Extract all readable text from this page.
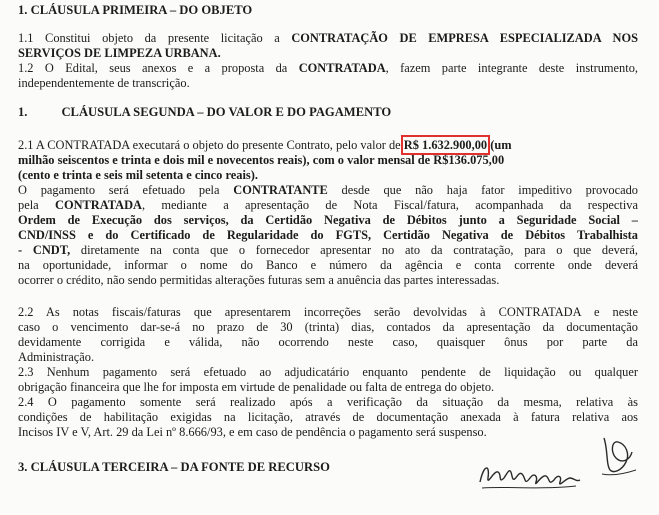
1. CLÁUSULA PRIMEIRA – DO OBJETO
1.1 Constitui objeto da presente licitação a CONTRATAÇÃO DE EMPRESA ESPECIALIZADA NOS
SERVIÇOS DE LIMPEZA URBANA.
1.2 O Edital, seus anexos e a proposta da CONTRATADA, fazem parte integrante deste instrumento,
independentemente de transcrição.
1.	CLÁUSULA SEGUNDA – DO VALOR E DO PAGAMENTO
2.1 A CONTRATADA executará o objeto do presente Contrato, pelo valor de R$ 1.632.900,00 (um
milhão seiscentos e trinta e dois mil e novecentos reais), com o valor mensal de R$136.075,00
(cento e trinta e seis mil setenta e cinco reais).
O pagamento será efetuado pela CONTRATANTE desde que não haja fator impeditivo provocado
pela CONTRATADA, mediante a apresentação de Nota Fiscal/fatura, acompanhada da respectiva
Ordem de Execução dos serviços, da Certidão Negativa de Débitos junto a Seguridade Social –
CND/INSS e do Certificado de Regularidade do FGTS, Certidão Negativa de Débitos Trabalhista
- CNDT, diretamente na conta que o fornecedor apresentar no ato da contratação, para o que deverá,
na oportunidade, informar o nome do Banco e número da agência e conta corrente onde deverá
ocorrer o crédito, não sendo permitidas alterações futuras sem a anuência das partes interessadas.
2.2 As notas fiscais/faturas que apresentarem incorreções serão devolvidas à CONTRATADA e neste
caso o vencimento dar-se-á no prazo de 30 (trinta) dias, contados da apresentação da documentação
devidamente corrigida e válida, não ocorrendo neste caso, quaisquer ônus por parte da
Administração.
2.3 Nenhum pagamento será efetuado ao adjudicatário enquanto pendente de liquidação ou qualquer
obrigação financeira que lhe for imposta em virtude de penalidade ou falta de entrega do objeto.
2.4 O pagamento somente será realizado após a verificação da situação da mesma, relativa às
condições de habilitação exigidas na licitação, através de documentação anexada à fatura relativa aos
Incisos IV e V, Art. 29 da Lei nº 8.666/93, e em caso de pendência o pagamento será suspenso.
3. CLÁUSULA TERCEIRA – DA FONTE DE RECURSO
